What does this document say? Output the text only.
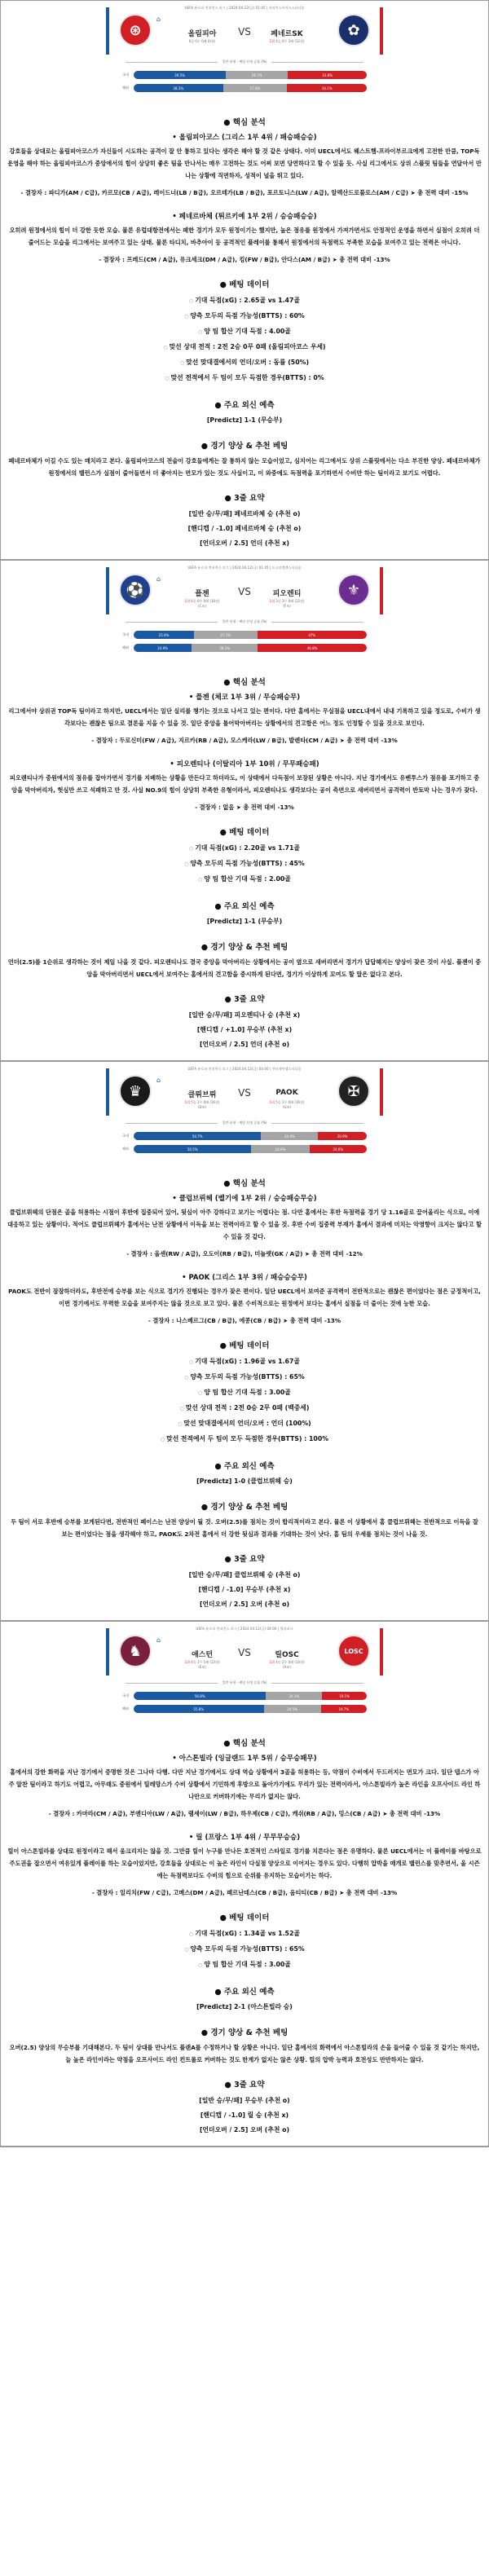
UEFA 유로파 컨퍼런스 리그 | 2024.04.12(금) 01:45 | 카라이스카키스스타디움
⊛
⌂
올림피아	VS	페네르SK
0승 0무 0패 (0점)	1위 4승 0무 2패 (12점)

✿
일반 유형 - 배당 산정 승률 (%)
국내	39.5%	26.7%	33.8%
해외	38.3%	27.6%	34.1%
● 핵심 분석
• 올림피아코스 (그리스 1부 4위 / 패승패승승)
강호들을 상대로는 올림피아코스가 자신들이 시도하는 공격이 잘 안 통하고 있다는 생각은 해야 할 것 같은 상태다. 이미 UECL에서도 웨스트햄-프라이부르크에게 고전한 만큼, TOP독 운영을 해야 하는 올림피아코스가 중앙에서의 힘이 상당히 좋은 팀을 만나서는 매우 고전하는 것도 어찌 보면 당연하다고 할 수 있을 듯. 사실 리그에서도 상위 스플릿 팀들을 연달아서 만나는 상황에 직면하자, 성적이 널을 뛰고 있다.
- 결장자 : 파디가(AM / C급), 카르모(CB / A급), 레이드너(LB / B급), 오르테가(LB / B급), 포르토니스(LW / A급), 알렉산드로풀로스(AM / C급) ➤ 총 전력 대비 -15%
• 페네르바체 (튀르키예 1부 2위 / 승승패승승)
오히려 원정에서의 힘이 더 강한 듯한 모습. 물론 유럽대항전에서는 패한 경기가 모두 원정이기는 했지만, 높은 점유를 원정에서 가져가면서도 안정적인 운영을 하면서 실점이 오히려 더 줄어드는 모습을 리그에서는 보여주고 있는 상태. 물론 타디치, 바추아이 등 공격적인 플레이를 통해서 원정에서의 득점력도 부족한 모습을 보여주고 있는 전력은 아니다.
- 결장자 : 프레드(CM / A급), 유크세크(DM / A급), 킹(FW / B급), 안다스(AM / B급) ➤ 총 전력 대비 -13%
● 베팅 데이터
○ 기대 득점(xG) : 2.65골 vs 1.47골
○ 양측 모두의 득점 가능성(BTTS) : 60%
○ 양 팀 합산 기대 득점 : 4.00골
○ 맞선 상대 전적 : 2전 2승 0무 0패 (올림피아코스 우세)
○ 맞선 맞대결에서의 언더/오버 : 동률 (50%)
○ 맞선 전적에서 두 팀이 모두 득점한 경우(BTTS) : 0%
● 주요 외신 예측
[Predictz] 1-1 (무승부)
● 경기 양상 & 추천 베팅
페네르바체가 이길 수도 있는 매치라고 본다. 올림피아코스의 전술이 강호들에게는 잘 통하지 않는 모습이었고, 심지어는 리그에서도 상위 스플릿에서는 다소 부진한 양상. 페네르바체가 원정에서의 밸런스가 실점이 줄어들면서 더 좋아지는 면모가 있는 것도 사실이고, 이 와중에도 득점력을 포기하면서 수비만 하는 팀이라고 보기도 어렵다.
● 3줄 요약
[일반 승/무/패] 페네르바체 승 (추천 o)
[핸디캡 / -1.0] 페네르바체 승 (추천 o)
[언더오버 / 2.5] 언더 (추천 x)
UEFA 유로파 컨퍼런스 리그 | 2024.04.12(금) 01:45 | 도스안엘렌스타디움
⚽
⌂
플젠	VS	피오렌티
1위 6승 0무 0패 (18점)
(C조)
1위 3승 3무 0패 (12점)
(F조)
⚜
일반 유형 - 배당 산정 승률 (%)
국내	25.9%	27.1%	47%
해외	24.9%	28.3%	46.8%
● 핵심 분석
• 플젠 (체코 1부 3위 / 무승패승무)
리그에서야 상위권 TOP독 팀이라고 하지만, UECL에서는 일단 실리를 챙기는 것으로 나서고 있는 편이다. 다만 홈에서는 무실점을 UECL내에서 내내 기록하고 있을 정도로, 수비가 생각보다는 괜찮은 팀으로 결론을 지을 수 있을 것. 일단 중앙을 틀어막아버리는 상황에서의 견고함은 어느 정도 인정할 수 있을 것으로 보인다.
- 결장자 : 두로신미(FW / A급), 지르카(RB / A급), 모스케라(LW / B급), 발렌타(CM / A급) ➤ 총 전력 대비 -13%
• 피오렌티나 (이탈리아 1부 10위 / 무무패승패)
피오렌티나가 중원에서의 점유를 잡아가면서 경기를 지배하는 상황을 만든다고 하더라도, 이 상태에서 다득점이 보장된 상황은 아니다. 지난 경기에서도 유벤투스가 점유를 포기하고 중앙을 막아버리자, 헛심만 쓰고 석패하고 만 것. 사실 NO.9의 힘이 상당히 부족한 유형이라서, 피오렌티나도 생각보다는 공이 측면으로 새버리면서 공격력이 반토막 나는 경우가 잦다.
- 결장자 : 없음 ➤ 총 전력 대비 -13%
● 베팅 데이터
○ 기대 득점(xG) : 2.20골 vs 1.71골
○ 양측 모두의 득점 가능성(BTTS) : 45%
○ 양 팀 합산 기대 득점 : 2.00골
● 주요 외신 예측
[Predictz] 1-1 (무승부)
● 경기 양상 & 추천 베팅
언더(2.5)를 1순위로 생각하는 것이 제일 나을 것 같다. 피오렌티나도 결국 중앙을 막아버리는 상황에서는 공이 옆으로 새버리면서 경기가 답답해지는 양상이 잦은 것이 사실. 플젠이 중앙을 막아버리면서 UECL에서 보여주는 홈에서의 견고함을 중시하게 된다면, 경기가 이상하게 꼬여도 할 말은 없다고 본다.
● 3줄 요약
[일반 승/무/패] 피오렌티나 승 (추천 x)
[핸디캡 / +1.0] 무승부 (추천 x)
[언더오버 / 2.5] 언더 (추천 o)
UEFA 유로파 컨퍼런스 리그 | 2024.04.12(금) 04:00 | 얀브레이델스타디움
♛
⌂
클뤼브뤼	VS	PAOK
1위 5승 1무 0패 (16점)
(D조)
1위 5승 1무 0패 (16점)
(G조)
✠
일반 유형 - 배당 산정 승률 (%)
국내	54.7%	24.4%	20.9%
해외	50.5%	24.9%	24.6%
● 핵심 분석
• 클럽브뤼헤 (벨기에 1부 2위 / 승승패승무승)
클럽브뤼헤의 단점은 골을 허용하는 시점이 후반에 집중되어 있어, 뒷심이 아주 강하다고 보기는 어렵다는 점. 다만 홈에서는 후반 득점력을 경기 당 1.16골로 끌어올리는 식으로, 이에 대응하고 있는 상황이다. 적어도 클럽브뤼헤가 홈에서는 난전 상황에서 이득을 보는 전력이라고 할 수 있을 것. 후반 수비 집중력 부재가 홈에서 결과에 미치는 악영향이 크지는 않다고 할 수 있을 것 같다.
- 결장자 : 올센(RW / A급), 오도이(RB / B급), 미뇰렛(GK / A급) ➤ 총 전력 대비 -12%
• PAOK (그리스 1부 3위 / 패승승승무)
PAOK도 전반이 잠잠하더라도, 후반전에 승부를 보는 식으로 경기가 진행되는 경우가 잦은 편이다. 일단 UECL에서 보여준 공격력이 전반적으로는 괜찮은 편이었다는 점은 긍정적이고, 이번 경기에서도 무력한 모습을 보여주지는 않을 것으로 보고 있다. 물론 수비적으로는 원정에서 보다는 홈에서 실점을 더 줄이는 것에 능한 모습.
- 결장자 : 나스베르그(CB / B급), 에콩(CB / B급) ➤ 총 전력 대비 -13%
● 베팅 데이터
○ 기대 득점(xG) : 1.96골 vs 1.67골
○ 양측 모두의 득점 가능성(BTTS) : 65%
○ 양 팀 합산 기대 득점 : 3.00골
○ 맞선 상대 전적 : 2전 0승 2무 0패 (백중세)
○ 맞선 맞대결에서의 언더/오버 : 언더 (100%)
○ 맞선 전적에서 두 팀이 모두 득점한 경우(BTTS) : 100%
● 주요 외신 예측
[Predictz] 1-0 (클럽브뤼헤 승)
● 경기 양상 & 추천 베팅
두 팀이 서로 후반에 승부를 보게된다면, 전반적인 페이스는 난전 양상이 될 것. 오버(2.5)를 점치는 것이 합리적이라고 본다. 물론 이 상황에서 홈 클럽브뤼헤는 전반적으로 이득을 잘 보는 편이었다는 점을 생각해야 하고, PAOK도 2차전 홈에서 더 강한 뒷심과 결과를 기대하는 것이 낫다. 홈 팀의 우세를 점치는 것이 나을 것.
● 3줄 요약
[일반 승/무/패] 클럽브뤼헤 승 (추천 o)
[핸디캡 / -1.0] 무승부 (추천 x)
[언더오버 / 2.5] 오버 (추천 o)
UEFA 유로파 컨퍼런스 리그 | 2024.04.12(금) 04:00 | 빌라파크
♞
⌂
애스턴	VS	릴OSC
1위 4승 1무 1패 (13점)
(E조)
1위 4승 2무 0패 (14점)
(A조)
LOSC
일반 유형 - 배당 산정 승률 (%)
국내	56.8%	24.1%	19.1%
해외	55.8%	24.5%	19.7%
● 핵심 분석
• 아스톤빌라 (잉글랜드 1부 5위 / 승무승패무)
홈에서의 강한 화력을 지난 경기에서 증명한 것은 그나마 다행. 다만 지난 경기에서도 상대 역습 상황에서 3골을 허용하는 등, 약점이 수비에서 두드러지는 면모가 크다. 일단 뎁스가 아주 알찬 팀이라고 하기도 어렵고, 아무래도 중원에서 틸레망스가 수비 상황에서 기민하게 후방으로 돌아가기에도 무리가 있는 전력이라서, 아스톤빌라가 높은 라인을 오프사이드 라인 하나만으로 커버하기에는 무리가 없지는 않다.
- 결장자 : 카마라(CM / A급), 부엔디아(LW / A급), 램세이(LW / B급), 하우제(CB / C급), 캐쉬(RB / A급), 밍스(CB / A급) ➤ 총 전력 대비 -13%
• 릴 (프랑스 1부 4위 / 무무무승승)
릴이 아스톤빌라를 상대로 원정이라고 해서 움크리지는 않을 것. 그만큼 릴이 누구를 만나든 호전적인 스타일로 경기를 치른다는 점은 유명하다. 물론 UECL에서는 이 플레이를 바탕으로 주도권을 잡으면서 여유있게 플레이를 하는 모습이었지만, 강호들을 상대로는 이 높은 라인이 다실점 양상으로 이어지는 경우도 있다. 다행히 압박을 매개로 밸런스를 맞추면서, 올 시즌에는 득점력보다도 수비의 힘으로 순위를 유지하는 모습이기는 하다.
- 결장자 : 일리치(FW / C급), 고메스(DM / A급), 페르난데스(CB / B급), 옴티티(CB / B급) ➤ 총 전력 대비 -13%
● 베팅 데이터
○ 기대 득점(xG) : 1.34골 vs 1.52골
○ 양측 모두의 득점 가능성(BTTS) : 65%
○ 양 팀 합산 기대 득점 : 3.00골
● 주요 외신 예측
[Predictz] 2-1 (아스톤빌라 승)
● 경기 양상 & 추천 베팅
오버(2.5) 양상의 무승부를 기대해본다. 두 팀이 상대를 만나서도 플랜A를 수정하거나 할 상황은 아니다. 일단 홈에서의 화력에서 아스톤빌라의 손을 들어줄 수 있을 것 같기는 하지만, 늘 높은 라인이라는 약점을 오프사이드 라인 컨트롤로 커버하는 것도 한계가 없지는 않은 상황. 릴의 압박 능력과 호전성도 만만하지는 않다.
● 3줄 요약
[일반 승/무/패] 무승부 (추천 o)
[핸디캡 / -1.0] 릴 승 (추천 x)
[언더오버 / 2.5] 오버 (추천 o)
